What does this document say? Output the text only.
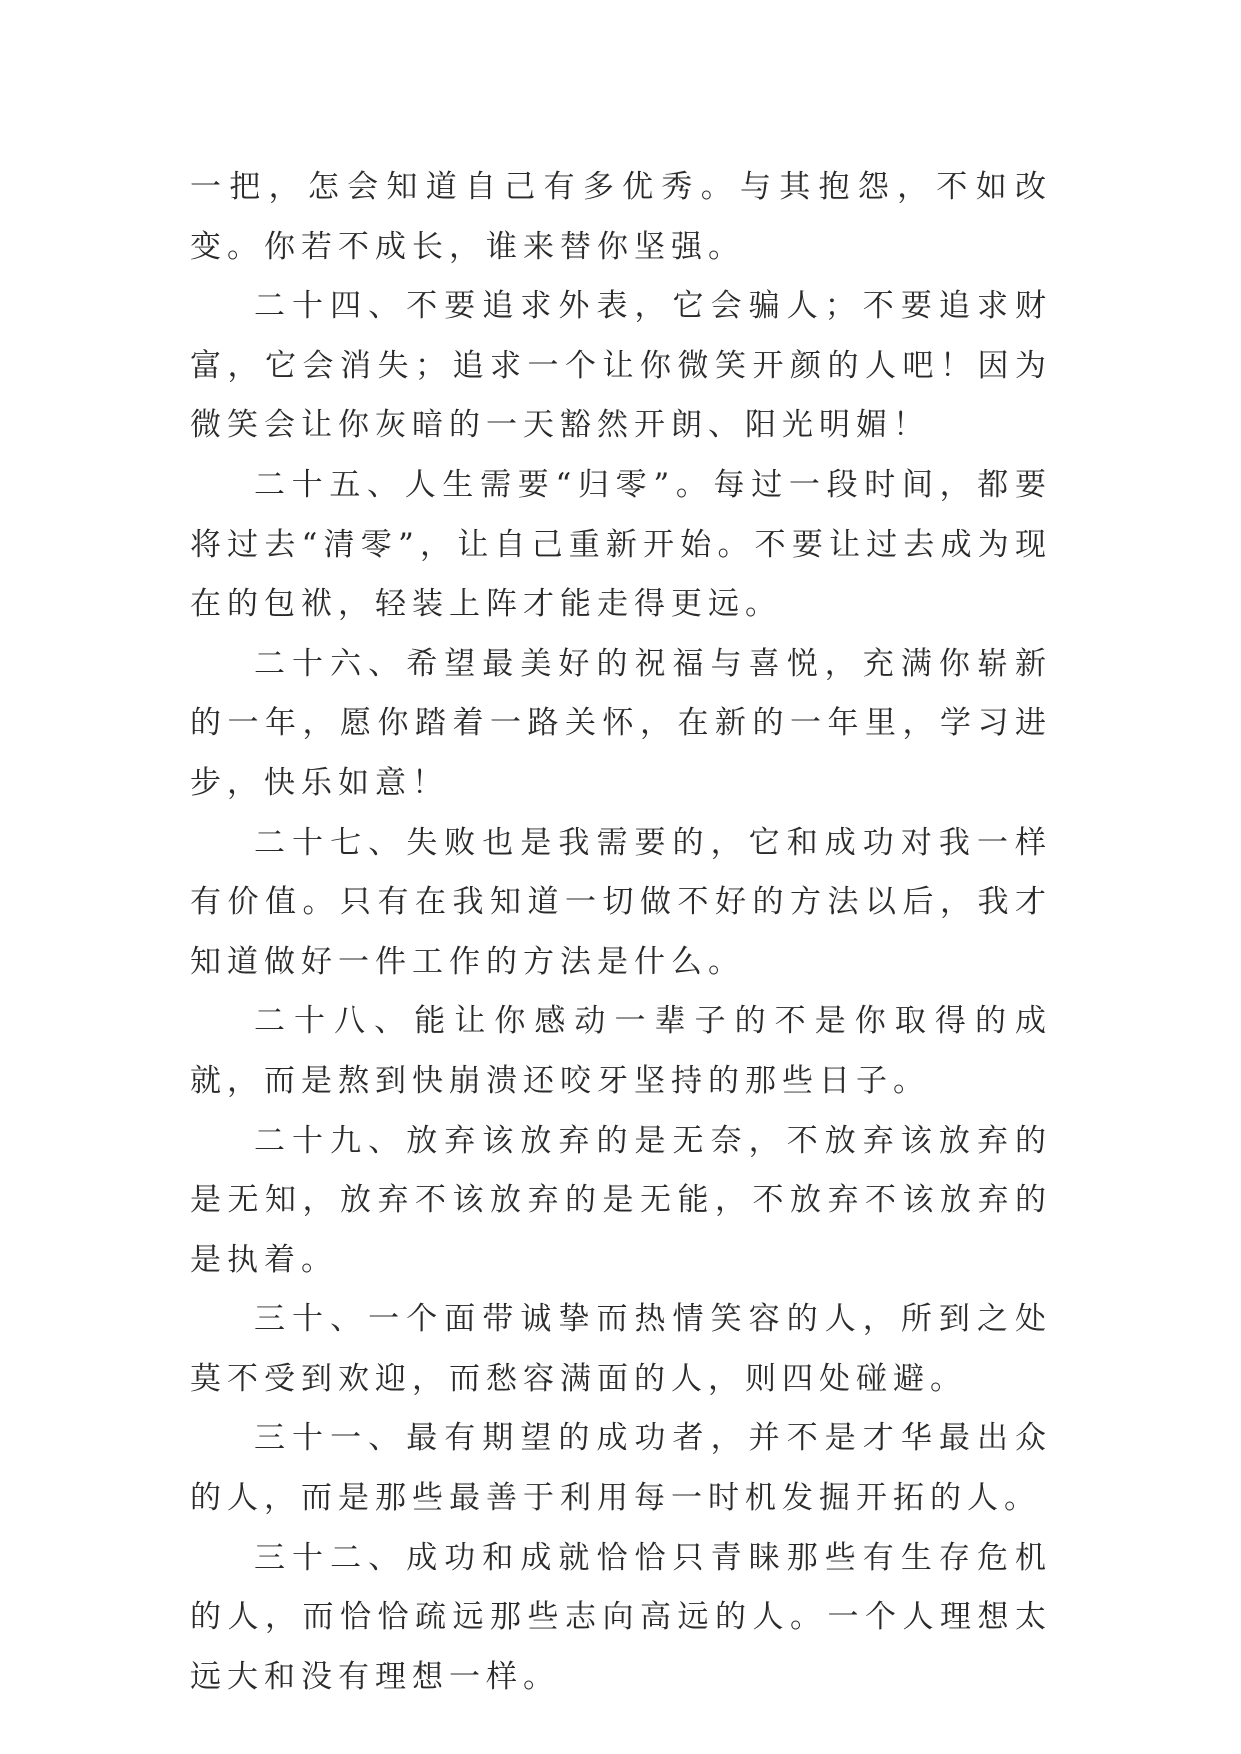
一把，怎会知道自己有多优秀。与其抱怨，不如改变。你若不成长，谁来替你坚强。

二十四、不要追求外表，它会骗人；不要追求财富，它会消失；追求一个让你微笑开颜的人吧！因为微笑会让你灰暗的一天豁然开朗、阳光明媚！

二十五、人生需要“归零”。每过一段时间，都要将过去“清零”，让自己重新开始。不要让过去成为现在的包袱，轻装上阵才能走得更远。

二十六、希望最美好的祝福与喜悦，充满你崭新的一年，愿你踏着一路关怀，在新的一年里，学习进步，快乐如意！

二十七、失败也是我需要的，它和成功对我一样有价值。只有在我知道一切做不好的方法以后，我才知道做好一件工作的方法是什么。

二十八、能让你感动一辈子的不是你取得的成就，而是熬到快崩溃还咬牙坚持的那些日子。

二十九、放弃该放弃的是无奈，不放弃该放弃的是无知，放弃不该放弃的是无能，不放弃不该放弃的是执着。

三十、一个面带诚挚而热情笑容的人，所到之处莫不受到欢迎，而愁容满面的人，则四处碰避。

三十一、最有期望的成功者，并不是才华最出众的人，而是那些最善于利用每一时机发掘开拓的人。

三十二、成功和成就恰恰只青睐那些有生存危机的人，而恰恰疏远那些志向高远的人。一个人理想太远大和没有理想一样。
